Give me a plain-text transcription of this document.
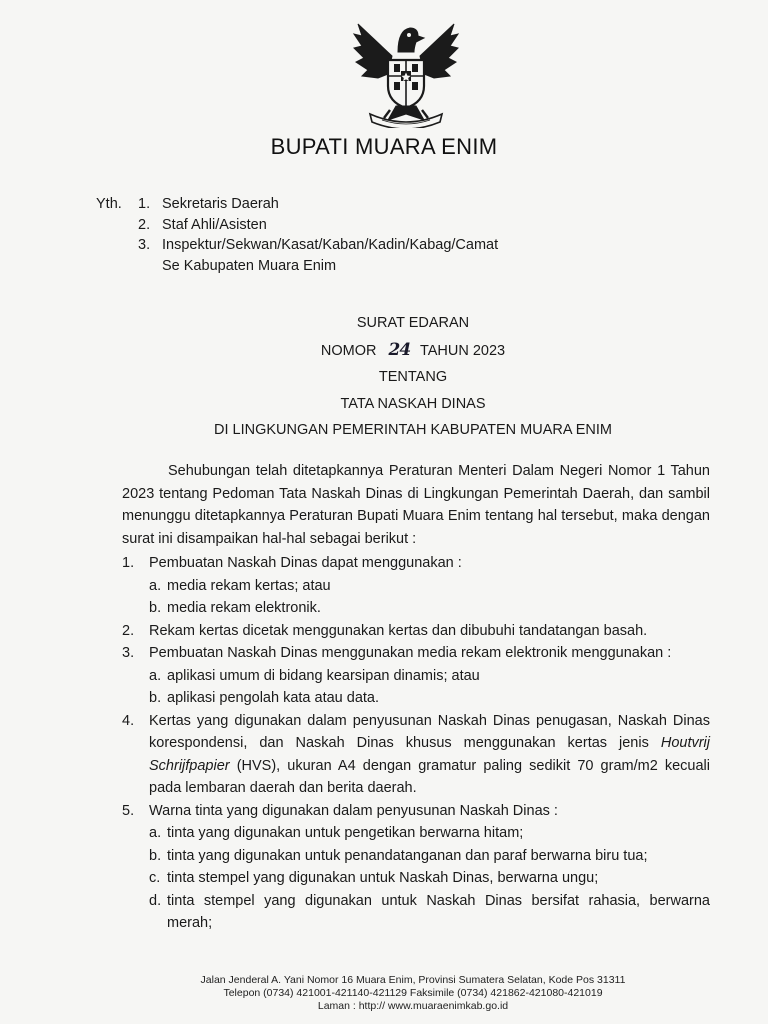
BUPATI MUARA ENIM
Yth.	1. Sekretaris Daerah
2. Staf Ahli/Asisten
3. Inspektur/Sekwan/Kasat/Kaban/Kadin/Kabag/Camat
Se Kabupaten Muara Enim
SURAT EDARAN
NOMOR 24 TAHUN 2023
TENTANG
TATA NASKAH DINAS
DI LINGKUNGAN PEMERINTAH KABUPATEN MUARA ENIM

Sehubungan telah ditetapkannya Peraturan Menteri Dalam Negeri Nomor 1 Tahun 2023 tentang Pedoman Tata Naskah Dinas di Lingkungan Pemerintah Daerah, dan sambil menunggu ditetapkannya Peraturan Bupati Muara Enim tentang hal tersebut, maka dengan surat ini disampaikan hal-hal sebagai berikut :

1.	Pembuatan Naskah Dinas dapat menggunakan :
a. media rekam kertas; atau
b. media rekam elektronik.
2.	Rekam kertas dicetak menggunakan kertas dan dibubuhi tandatangan basah.
3.	Pembuatan Naskah Dinas menggunakan media rekam elektronik menggunakan :
a. aplikasi umum di bidang kearsipan dinamis; atau
b. aplikasi pengolah kata atau data.
4.	Kertas yang digunakan dalam penyusunan Naskah Dinas penugasan, Naskah Dinas korespondensi, dan Naskah Dinas khusus menggunakan kertas jenis Houtvrij Schrijfpapier (HVS), ukuran A4 dengan gramatur paling sedikit 70 gram/m2 kecuali pada lembaran daerah dan berita daerah.
5.	Warna tinta yang digunakan dalam penyusunan Naskah Dinas :
a. tinta yang digunakan untuk pengetikan berwarna hitam;
b. tinta yang digunakan untuk penandatanganan dan paraf berwarna biru tua;
c. tinta stempel yang digunakan untuk Naskah Dinas, berwarna ungu;
d. tinta stempel yang digunakan untuk Naskah Dinas bersifat rahasia, berwarna merah;
Jalan Jenderal A. Yani Nomor 16 Muara Enim, Provinsi Sumatera Selatan, Kode Pos 31311
Telepon (0734) 421001-421140-421129 Faksimile (0734) 421862-421080-421019
Laman : http:// www.muaraenimkab.go.id
